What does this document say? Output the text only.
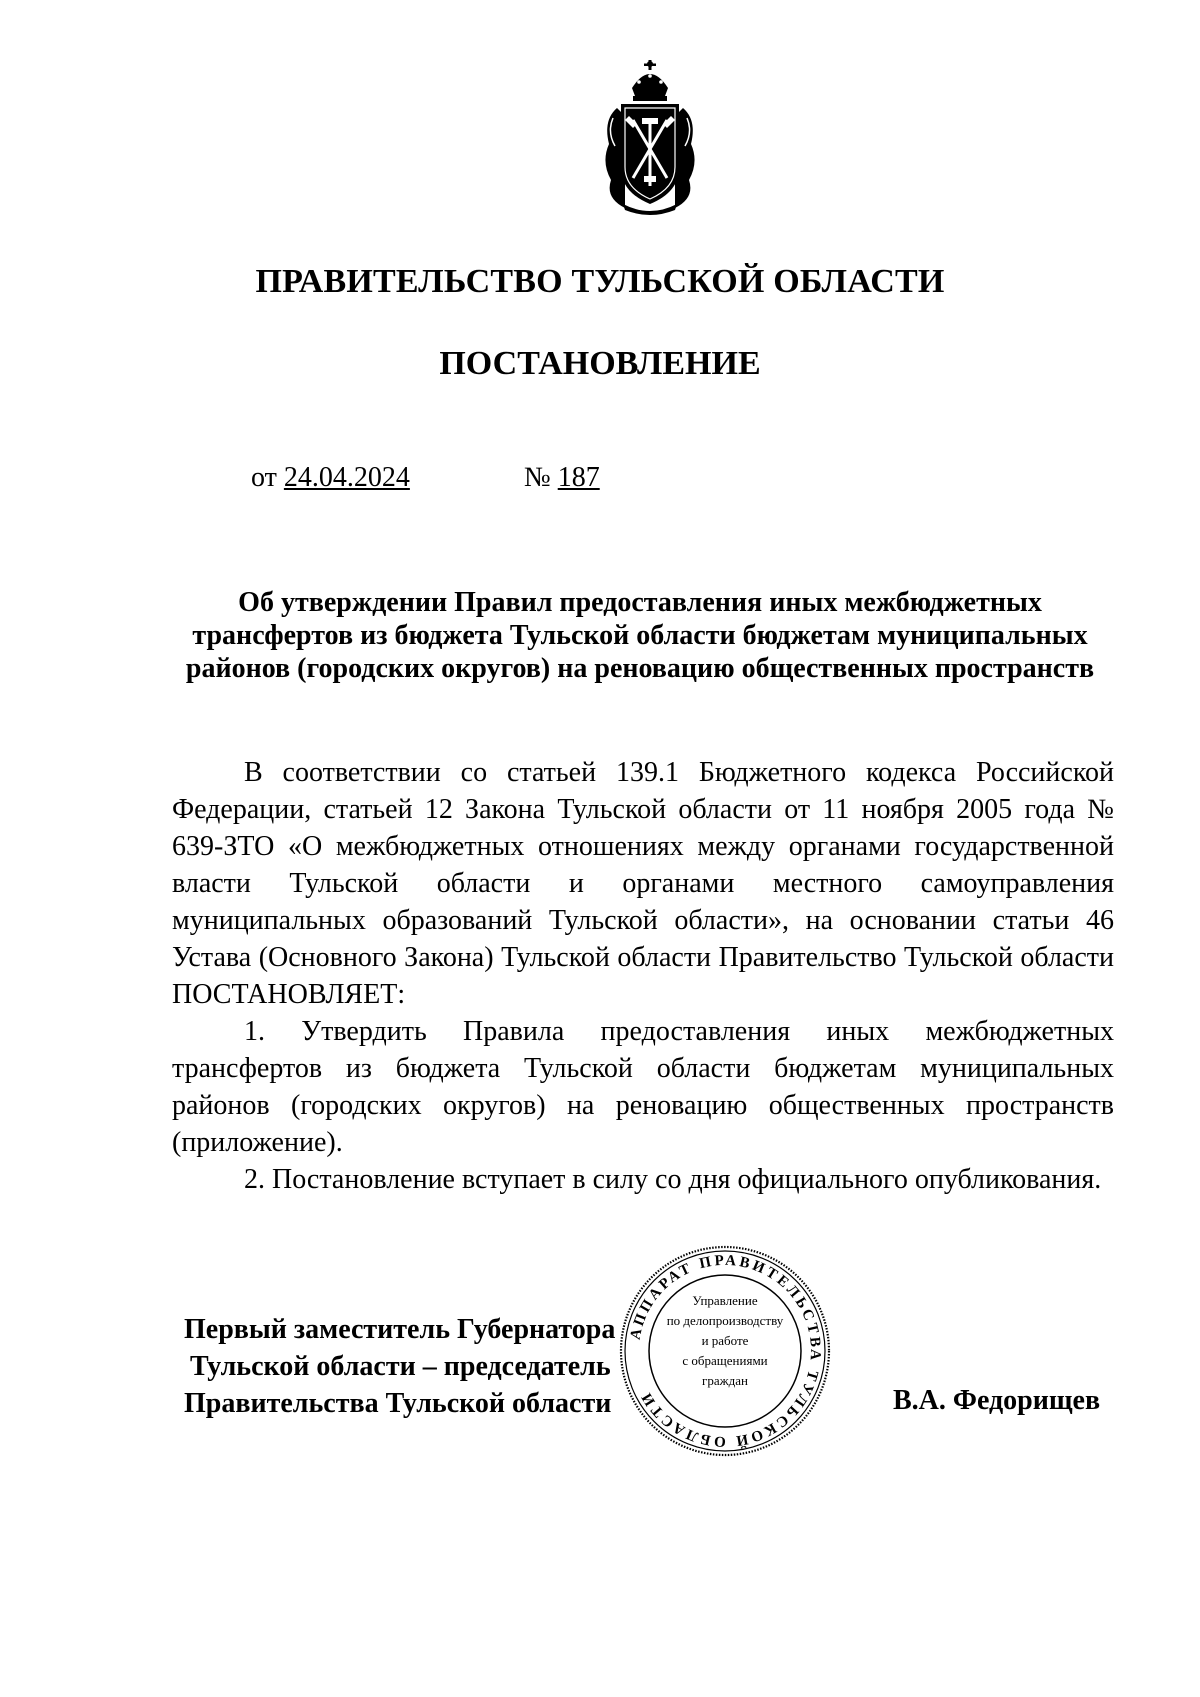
ПРАВИТЕЛЬСТВО ТУЛЬСКОЙ ОБЛАСТИ
ПОСТАНОВЛЕНИЕ
от 24.04.2024	№ 187
Об утверждении Правил предоставления иных межбюджетных
трансфертов из бюджета Тульской области бюджетам муниципальных
районов (городских округов) на реновацию общественных пространств

В соответствии со статьей 139.1 Бюджетного кодекса Российской Федерации, статьей 12 Закона Тульской области от 11 ноября 2005 года № 639-ЗТО «О межбюджетных отношениях между органами государственной власти Тульской области и органами местного самоуправления муниципальных образований Тульской области», на основании статьи 46 Устава (Основного Закона) Тульской области Правительство Тульской области ПОСТАНОВЛЯЕТ:

1. Утвердить Правила предоставления иных межбюджетных трансфертов из бюджета Тульской области бюджетам муниципальных районов (городских округов) на реновацию общественных пространств (приложение).

2. Постановление вступает в силу со дня официального опубликования.

Первый заместитель Губернатора
Тульской области – председатель
Правительства Тульской области	В.А. Федорищев
АППАРАТ ПРАВИТЕЛЬСТВА ТУЛЬСКОЙ ОБЛАСТИ
Управление
по делопроизводству
и работе
с обращениями
граждан
